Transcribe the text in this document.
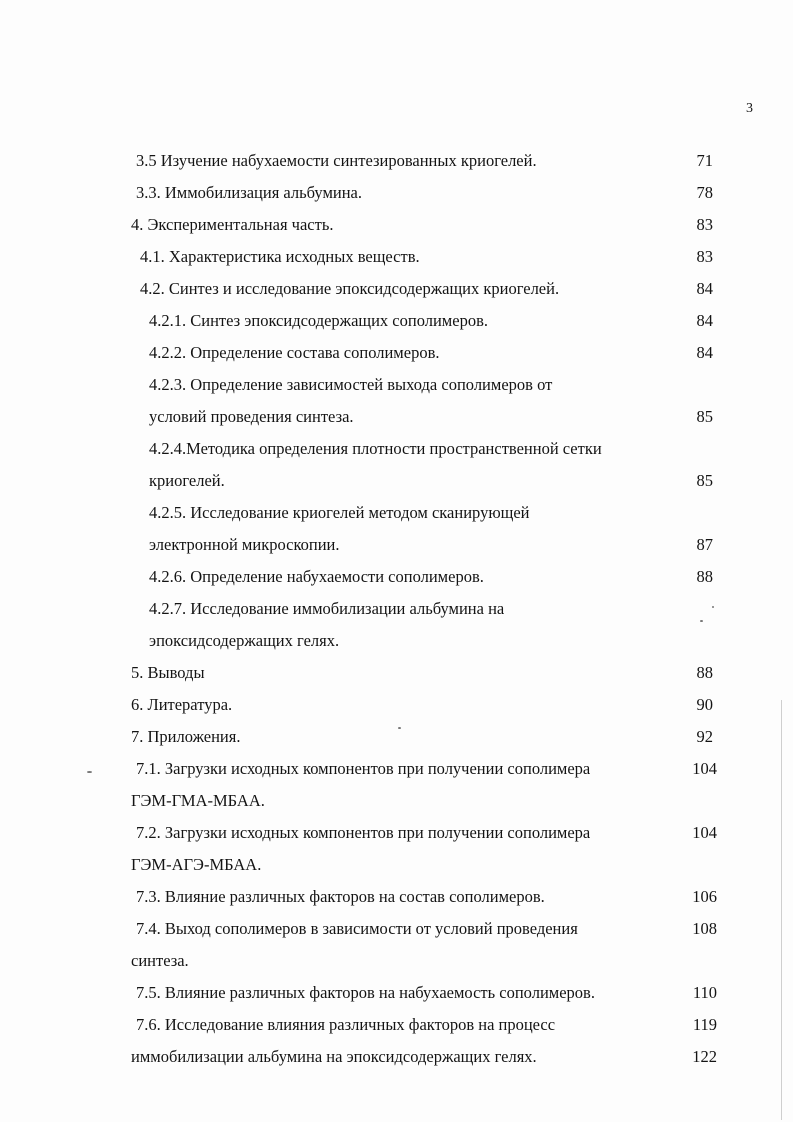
3
3.5 Изучение набухаемости синтезированных криогелей.	71
3.3. Иммобилизация альбумина.	78
4. Экспериментальная часть.	83
4.1. Характеристика исходных веществ.	83
4.2. Синтез и исследование эпоксидсодержащих криогелей.	84
4.2.1. Синтез эпоксидсодержащих сополимеров.	84
4.2.2. Определение состава сополимеров.	84
4.2.3. Определение зависимостей выхода сополимеров от
условий проведения синтеза.	85
4.2.4.Методика определения плотности пространственной сетки
криогелей.	85
4.2.5. Исследование криогелей методом сканирующей
электронной микроскопии.	87
4.2.6. Определение набухаемости сополимеров.	88
4.2.7. Исследование иммобилизации альбумина на
эпоксидсодержащих гелях.
5. Выводы	88
6. Литература.	90
7. Приложения.	92
7.1. Загрузки исходных компонентов при получении сополимера	104
ГЭМ-ГМА-МБАА.
7.2. Загрузки исходных компонентов при получении сополимера	104
ГЭМ-АГЭ-МБАА.
7.3. Влияние различных факторов на состав сополимеров.	106
7.4. Выход сополимеров в зависимости от условий проведения	108
синтеза.
7.5. Влияние различных факторов на набухаемость сополимеров.	110
7.6. Исследование влияния различных факторов на процесс	119
иммобилизации альбумина на эпоксидсодержащих гелях.	122
